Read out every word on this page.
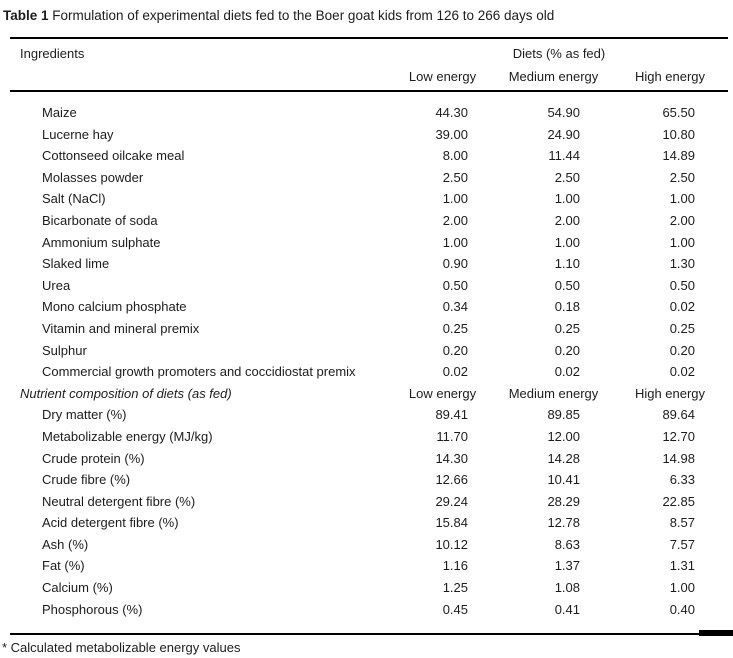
Table 1 Formulation of experimental diets fed to the Boer goat kids from 126 to 266 days old
Ingredients	Diets (% as fed)		
	Low energy	Medium energy	High energy
Maize	44.30	54.90	65.50
Lucerne hay	39.00	24.90	10.80
Cottonseed oilcake meal	8.00	11.44	14.89
Molasses powder	2.50	2.50	2.50
Salt (NaCl)	1.00	1.00	1.00
Bicarbonate of soda	2.00	2.00	2.00
Ammonium sulphate	1.00	1.00	1.00
Slaked lime	0.90	1.10	1.30
Urea	0.50	0.50	0.50
Mono calcium phosphate	0.34	0.18	0.02
Vitamin and mineral premix	0.25	0.25	0.25
Sulphur	0.20	0.20	0.20
Commercial growth promoters and coccidiostat premix	0.02	0.02	0.02
Nutrient composition of diets (as fed)	Low energy	Medium energy	High energy
Dry matter (%)	89.41	89.85	89.64
Metabolizable energy (MJ/kg)	11.70	12.00	12.70
Crude protein (%)	14.30	14.28	14.98
Crude fibre (%)	12.66	10.41	6.33
Neutral detergent fibre (%)	29.24	28.29	22.85
Acid detergent fibre (%)	15.84	12.78	8.57
Ash (%)	10.12	8.63	7.57
Fat (%)	1.16	1.37	1.31
Calcium (%)	1.25	1.08	1.00
Phosphorous (%)	0.45	0.41	0.40
* Calculated metabolizable energy values
